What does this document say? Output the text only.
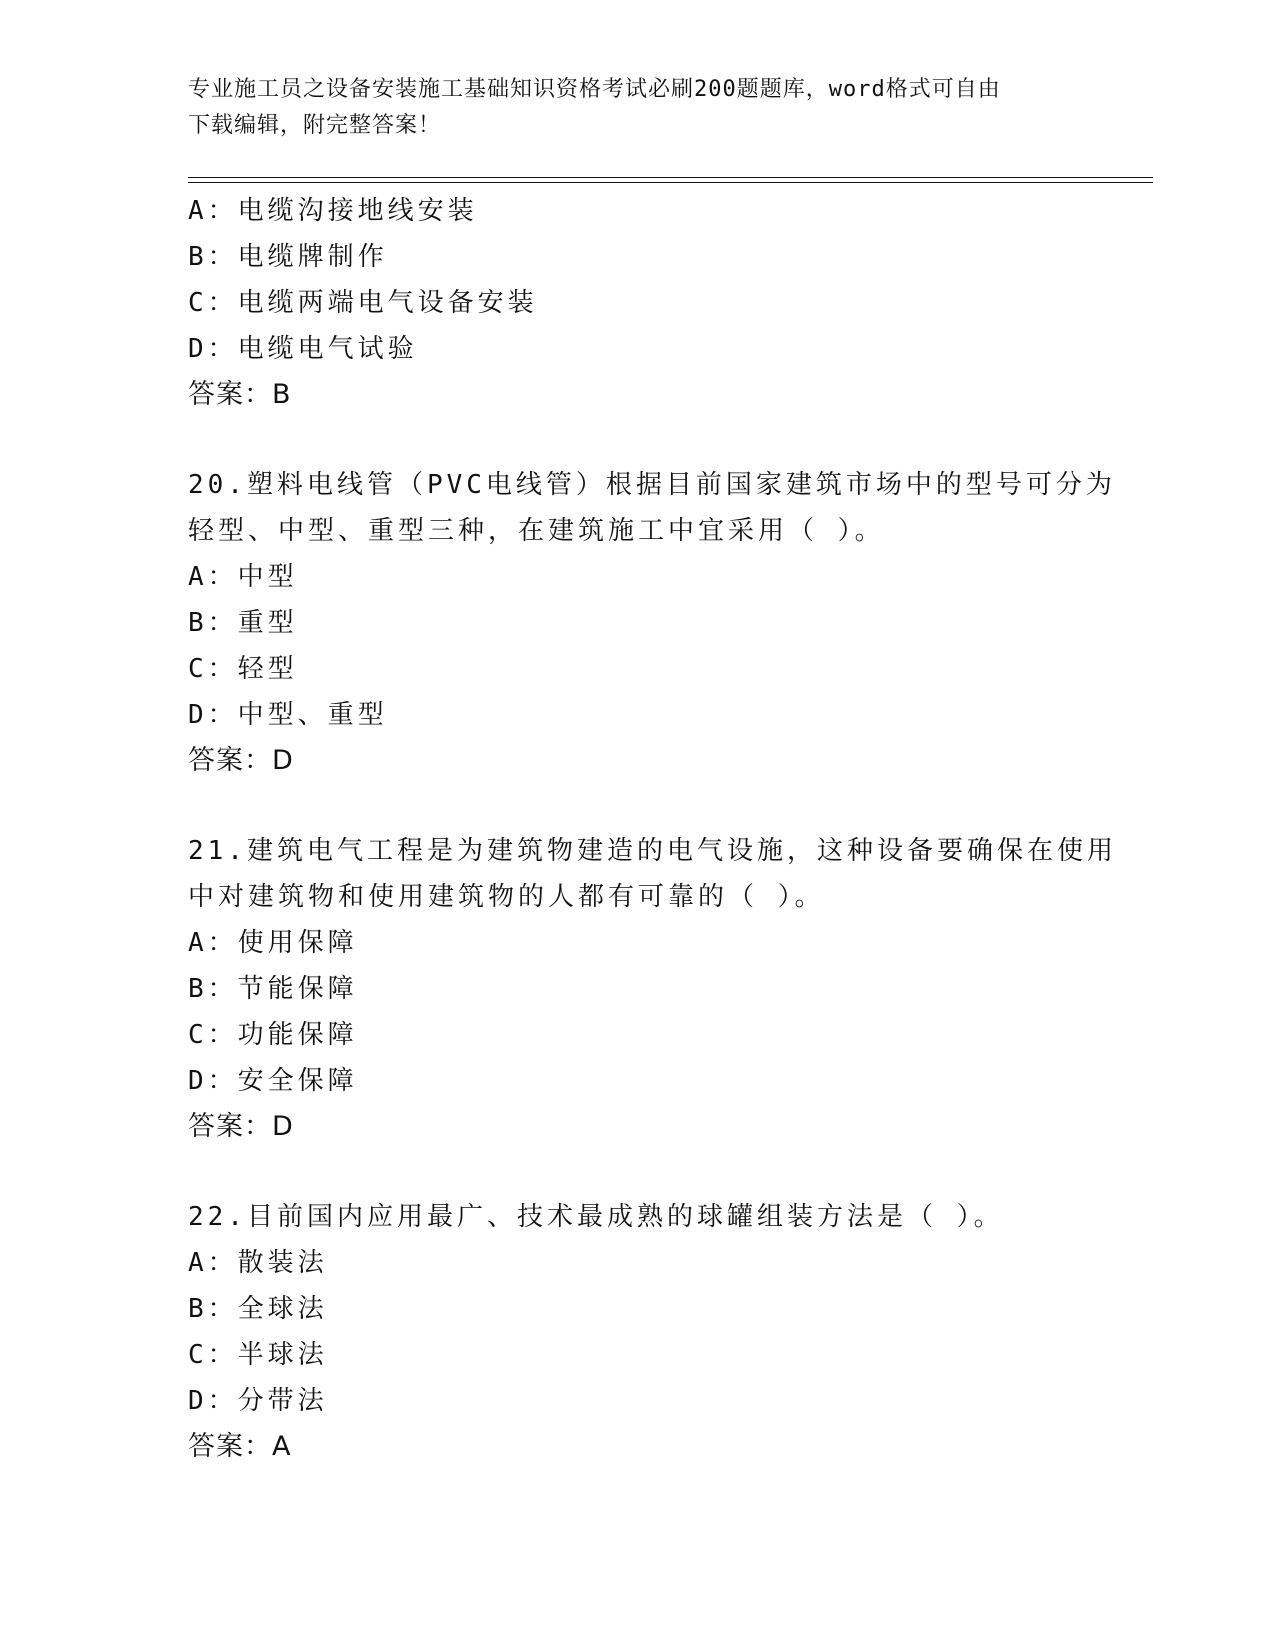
专业施工员之设备安装施工基础知识资格考试必刷200题题库，word格式可自由
下载编辑，附完整答案！
A：电缆沟接地线安装
B：电缆牌制作
C：电缆两端电气设备安装
D：电缆电气试验
答案：B
20.塑料电线管（PVC电线管）根据目前国家建筑市场中的型号可分为
轻型、中型、重型三种，在建筑施工中宜采用（ ）。
A：中型
B：重型
C：轻型
D：中型、重型
答案：D
21.建筑电气工程是为建筑物建造的电气设施，这种设备要确保在使用
中对建筑物和使用建筑物的人都有可靠的（ ）。
A：使用保障
B：节能保障
C：功能保障
D：安全保障
答案：D
22.目前国内应用最广、技术最成熟的球罐组装方法是（ ）。
A：散装法
B：全球法
C：半球法
D：分带法
答案：A
